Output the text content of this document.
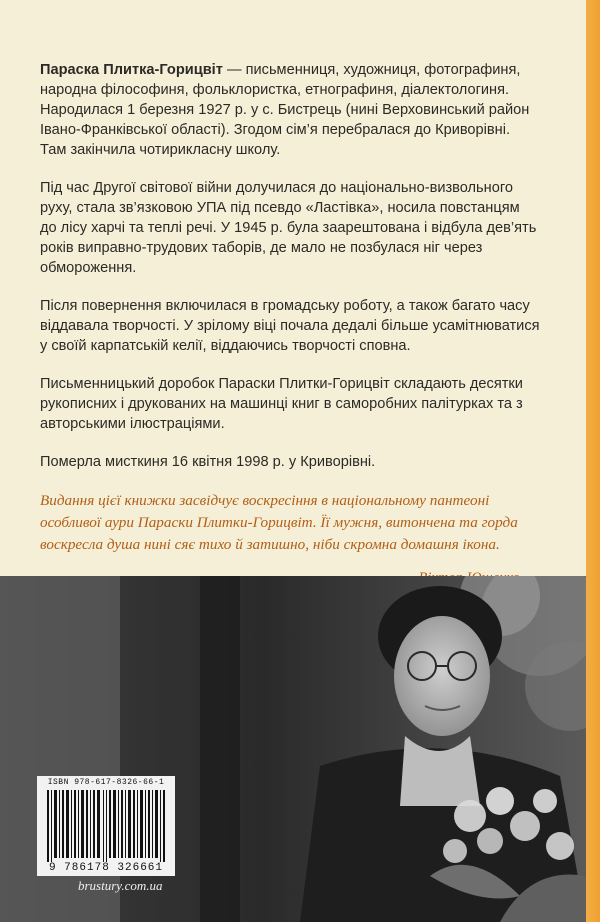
Параска Плитка-Горицвіт — письменниця, художниця, фотографиня, народна філософиня, фольклористка, етнографиня, діалектологиня. Народилася 1 березня 1927 р. у с. Бистрець (нині Верховинський район Івано-Франківської області). Згодом сім’я перебралася до Криворівні. Там закінчила чотирикласну школу.

Під час Другої світової війни долучилася до національно-визвольного руху, стала зв’язковою УПА під псевдо «Ластівка», носила повстанцям до лісу харчі та теплі речі. У 1945 р. була заарештована і відбула дев’ять років виправно-трудових таборів, де мало не позбулася ніг через обмороження.

Після повернення включилася в громадську роботу, а також багато часу віддавала творчості. У зрілому віці почала дедалі більше усамітнюватися у своїй карпатській келії, віддаючись творчості сповна.

Письменницький доробок Параски Плитки-Горицвіт складають десятки рукописних і друкованих на машинці книг в саморобних палітурках та з авторськими ілюстраціями.

Померла мисткиня 16 квітня 1998 р. у Криворівні.

Видання цієї книжки засвідчує воскресіння в національному пантеоні особливої аури Параски Плитки-Горицвіт. Її мужня, витончена та горда воскресла душа нині сяє тихо й затишно, ніби скромна домашня ікона.
ISBN 978-617-8326-66-1
9 786178 326661
brustury.com.ua
